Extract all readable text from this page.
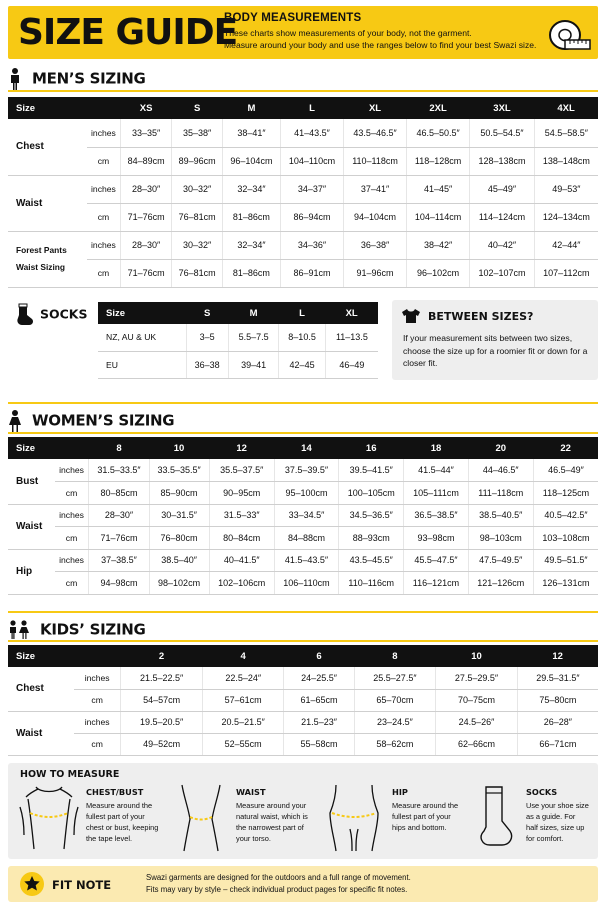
SIZE GUIDE
BODY MEASUREMENTS
These charts show measurements of your body, not the garment.
Measure around your body and use the ranges below to find your best Swazi size.
MEN’S SIZING
Size		XS	S	M	L	XL	2XL	3XL	4XL
Chest	inches	33–35″	35–38″	38–41″	41–43.5″	43.5–46.5″	46.5–50.5″	50.5–54.5″	54.5–58.5″
	cm	84–89cm	89–96cm	96–104cm	104–110cm	110–118cm	118–128cm	128–138cm	138–148cm
Waist	inches	28–30″	30–32″	32–34″	34–37″	37–41″	41–45″	45–49″	49–53″
	cm	71–76cm	76–81cm	81–86cm	86–94cm	94–104cm	104–114cm	114–124cm	124–134cm

Forest Pants
Waist Sizing	inches	28–30″	30–32″	32–34″	34–36″	36–38″	38–42″	40–42″	42–44″
	cm	71–76cm	76–81cm	81–86cm	86–91cm	91–96cm	96–102cm	102–107cm	107–112cm
SOCKS Size	S	M	L	XL
NZ, AU & UK	3–5	5.5–7.5	8–10.5	11–13.5
EU	36–38	39–41	42–45	46–49
BETWEEN SIZES?
If your measurement sits between two sizes, choose the size up for a roomier fit or down for a closer fit.
WOMEN’S SIZING
Size		8	10	12	14	16	18	20	22
Bust	inches	31.5–33.5″	33.5–35.5″	35.5–37.5″	37.5–39.5″	39.5–41.5″	41.5–44″	44–46.5″	46.5–49″
	cm	80–85cm	85–90cm	90–95cm	95–100cm	100–105cm	105–111cm	111–118cm	118–125cm
Waist	inches	28–30″	30–31.5″	31.5–33″	33–34.5″	34.5–36.5″	36.5–38.5″	38.5–40.5″	40.5–42.5″
	cm	71–76cm	76–80cm	80–84cm	84–88cm	88–93cm	93–98cm	98–103cm	103–108cm
Hip	inches	37–38.5″	38.5–40″	40–41.5″	41.5–43.5″	43.5–45.5″	45.5–47.5″	47.5–49.5″	49.5–51.5″
	cm	94–98cm	98–102cm	102–106cm	106–110cm	110–116cm	116–121cm	121–126cm	126–131cm
KIDS’ SIZING
Size		2	4	6	8	10	12
Chest	inches	21.5–22.5″	22.5–24″	24–25.5″	25.5–27.5″	27.5–29.5″	29.5–31.5″
	cm	54–57cm	57–61cm	61–65cm	65–70cm	70–75cm	75–80cm
Waist	inches	19.5–20.5″	20.5–21.5″	21.5–23″	23–24.5″	24.5–26″	26–28″
	cm	49–52cm	52–55cm	55–58cm	58–62cm	62–66cm	66–71cm
HOW TO MEASURE
CHEST/BUST
Measure around the
fullest part of your
chest or bust, keeping
the tape level.
WAIST
Measure around your
natural waist, which is
the narrowest part of
your torso.
HIP
Measure around the
fullest part of your
hips and bottom.
SOCKS
Use your shoe size
as a guide. For
half sizes, size up
for comfort.
FIT NOTE
Swazi garments are designed for the outdoors and a full range of movement.
Fits may vary by style – check individual product pages for specific fit notes.
